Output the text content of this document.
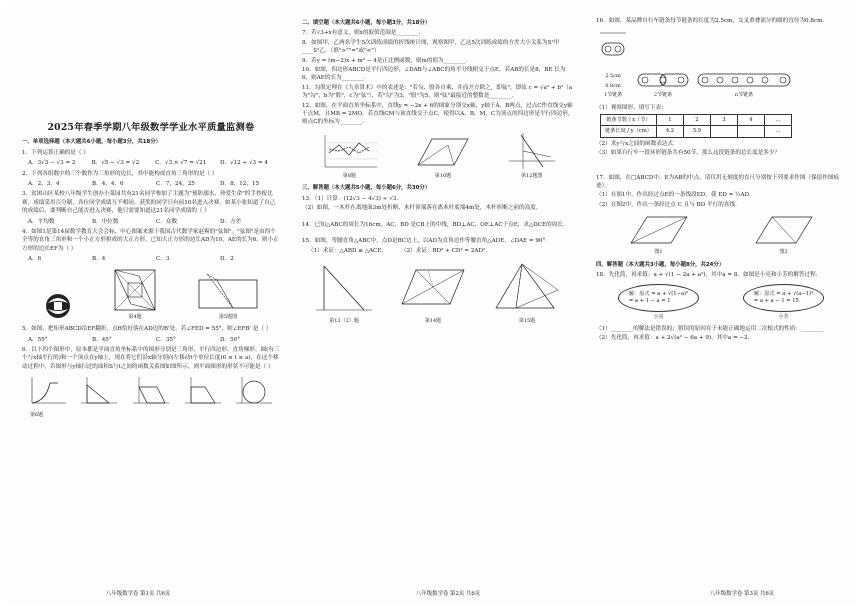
2025年春季学期八年级数学学业水平质量监测卷
一、单项选择题（本大题共6小题，每小题3分，共18分）
1．下列运算正确的是（ ）
A．3√3 − √3 = 2	B．√5 − √3 = √2	C．√3 × √7 = √21 D．√12 ÷ √3 = 4
2．下列各组数中的三个数作为三角形的边长，其中能构成直角三角形的是（ ）
A．2，3，4	B．4，4，6	C．7，24，25	D．8，12，15
3．贫困山区某校八年级学生创办小菜园共有21名同学参加了主题为"预防溺水，珍爱生命"的手抄报比赛，成绩采用百分制，各位同学成绩互不相同，获奖的同学只有前10名进入决赛，如某小张知道了自己的成绩后，要判断自己能否进入决赛，他只需要知道这21名同学成绩的（ ）
A．平均数	B．中位数	C．众数	D．方差
4．如图1是第14届数学教育大会会标，中心图案来源于我国古代数学家赵爽的"弦图"。"弦图"是由四个全等的直角三角形和一个小正方形拼成的大正方形，已知大正方形的边长AD为10，AE的长为6，则小正方形的边长EF为（ ）
A．6	B．4	C．3	D．2
第4题	第5题图
5．如图，把矩形ABCD沿EF翻折，点B恰好落在AD边的B'处，若∠FED = 55°，则∠EFB' 是（ ）
A．55°	B．45°	C．35°	D．50°
6．以下四个图形中，原本都是平面直角坐标系中的图形分别是三角形、平行四边形、直角梯形、圆(有三个与x轴平行的)和一个顶点在y轴上，现在将它们沿x轴分别向左移动t个单位长度(0 ≤ t ≤ a)，在这个移动过程中，若图形与y轴扫过的面积S与t之间的函数关系图如图所示，则平面图形的形状不可能是（ ）
第6题
二、填空题（本大题共6小题，每小题3分，共18分）
7．若√3+x有意义，则x的取值范围是________．
8．如图甲，乙两名学生5次训练成绩的折线统计图，观察图甲，乙这5次训练成绩的方差大小关系为S²甲____S²乙．（填">""="或"<"）
9．若y = (m−2)x + m² − 4是正比例函数，则m的值为________．
10．如图，四边形ABCD是平行四边形，∠DAB与∠ABC的角平分线相交于点E，若AB的长是8，BE 长为6，则AE的长为________．
11．勾股定理在《九章算术》中的表述是："若勾、股各自乘，并而开方除之，即弦"，即弦 c = √a² + b²（a为"勾"，b为"股"，c为"弦"），若"勾"为3，"股"为5，则"弦"最接近的整数是________．
12．如图，在平面直角坐标系中，直线y = −2x + 6的图象分别交x轴，y轴于A，B两点，过点C作直线交y轴于点M，且MB = 2MO，若直线CM与该直线交于点C，使得以A，B，M，C为顶点的四边形是平行四边形，则点C的坐标为________．
第8题	第10题	第12题图
三、解答题（本大题共5小题，每小题6分，共30分）
13．（1）计算：(12√3 − 4√3) ÷ √3．
（2）如图，一木杆在离地面3m处折断，木杆顶端落在离木杆底端4m处，木杆折断之前的高度。
14．已知△ABC的周长为16cm，AC，BD 是CB上的中线，BD⊥AC，OE⊥AC于点E，求△DCE的周长．
15．如图，等腰直角△ABC中，点D是BC边上，以AD为直角边作等腰直角△ADE，∠DAE = 90°．
（1）求证：△ABD ≌ △ACE；	（2）求证：BD² + CD² = 2AD²．
第13（2）题	第14题	第15题
16．如图，某品牌自行车链条每节链条的长度为2.5cm，交叉重叠部分的圆的直径为0.8cm．
2.5cm
0.8cm
1节链条	2节链条	n节链条
（1）观察图形，填写下表：
链条节数 / x（节）	1	2	3	4	…
链条长度 / y（cm）	4.2	5.9			…
（2）求y与x之间的函数表达式．
（3）如果自行车一段环形链条共有50节，那么这段链条的总长度是多少？
17．如图，在□ABCD中，E为AB的中点，请仅用无刻度的直尺分别按下列要求作图（保留作图痕迹）．
（1）在图1中，作出经过点E的一条线段ED，使 ED = ½AD．
（2）在图2中，作出一条经过点 C 且与 BD 平行的直线．
图1	图2
四、解答题（本大题共3小题，每小题8分，共24分）
18．先化简，再求值：a + √(1 − 2a + a²)，其中a = 8．如图是小亮和小芳的解答过程．
解：原式 = a + √(1−a)²
= a + 1 − a = 1
小亮
解：原式 = a + √(a−1)²
= a + a − 1 = 15
小芳
（1）________的解法是错误的；错误的原因在于未能正确地运用二次根式的性质：________
（2）先化简，再求值：a + 2√(a² − 6a + 9)，其中a = −2．
八年级数学卷 第1页 共6页	八年级数学卷 第2页 共6页	八年级数学卷 第3页 共6页
